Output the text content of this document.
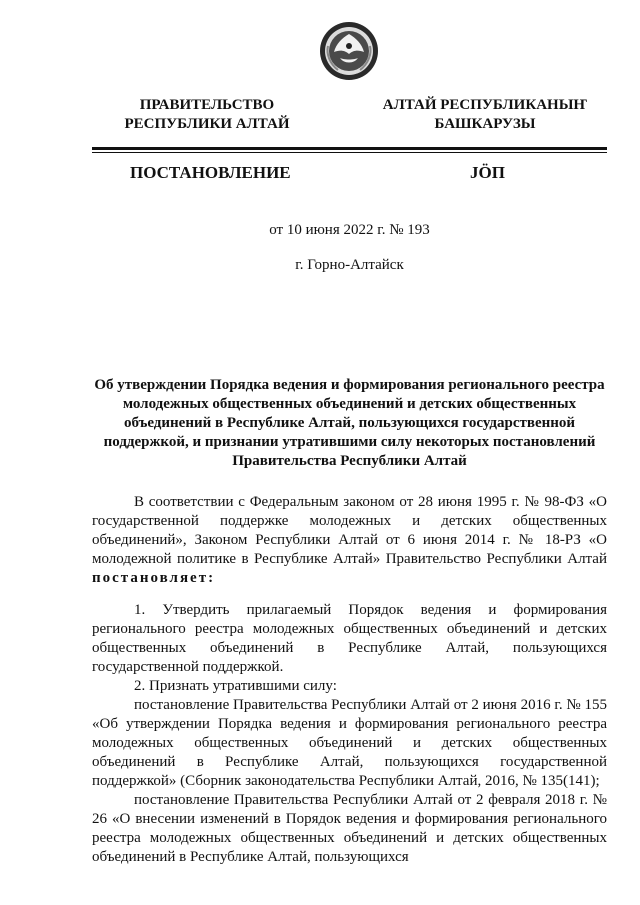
ПРАВИТЕЛЬСТВО
РЕСПУБЛИКИ АЛТАЙ
АЛТАЙ РЕСПУБЛИКАНЫҤ
БАШКАРУЗЫ
ПОСТАНОВЛЕНИЕ	JӦП
от 10 июня 2022 г. № 193
г. Горно-Алтайск
Об утверждении Порядка ведения и формирования регионального реестра молодежных общественных объединений и детских общественных объединений в Республике Алтай, пользующихся государственной поддержкой, и признании утратившими силу некоторых постановлений Правительства Республики Алтай
В соответствии с Федеральным законом от 28 июня 1995 г. № 98-ФЗ «О государственной поддержке молодежных и детских общественных объединений», Законом Республики Алтай от 6 июня 2014 г. № 18-РЗ «О молодежной политике в Республике Алтай» Правительство Республики Алтай постановляет:
1. Утвердить прилагаемый Порядок ведения и формирования регионального реестра молодежных общественных объединений и детских общественных объединений в Республике Алтай, пользующихся государственной поддержкой.
2. Признать утратившими силу:
постановление Правительства Республики Алтай от 2 июня 2016 г. № 155 «Об утверждении Порядка ведения и формирования регионального реестра молодежных общественных объединений и детских общественных объединений в Республике Алтай, пользующихся государственной поддержкой» (Сборник законодательства Республики Алтай, 2016, № 135(141);
постановление Правительства Республики Алтай от 2 февраля 2018 г. № 26 «О внесении изменений в Порядок ведения и формирования регионального реестра молодежных общественных объединений и детских общественных объединений в Республике Алтай, пользующихся
